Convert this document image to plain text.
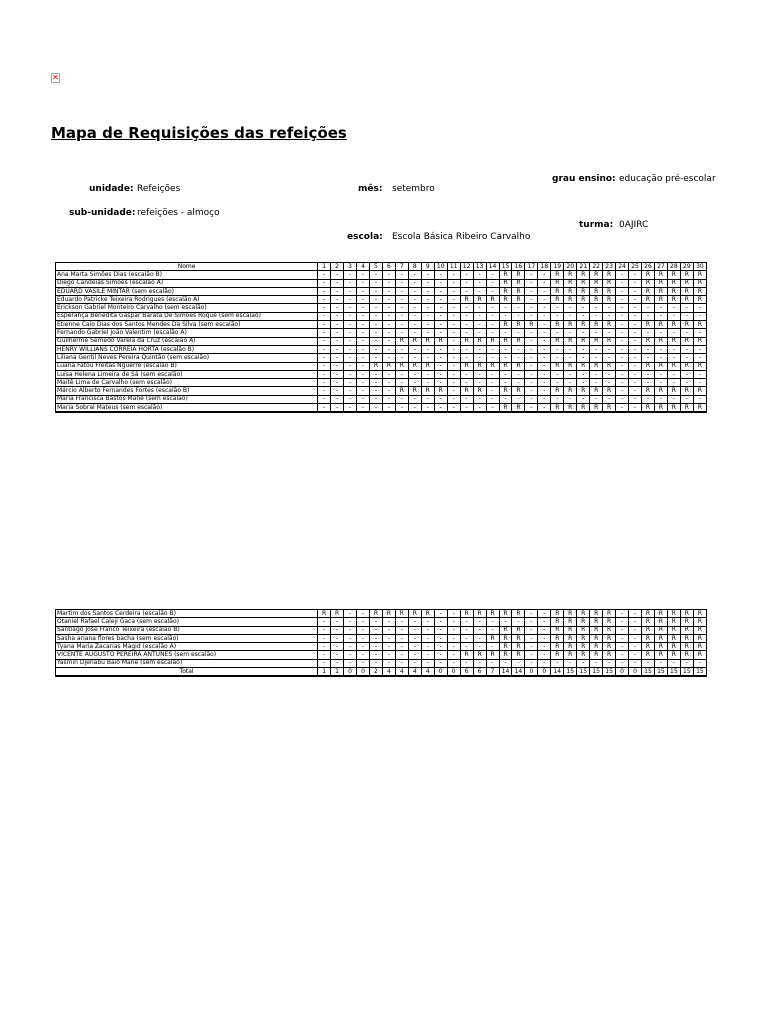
✕
Mapa de Requisições das refeições
unidade: Refeições	mês: setembro
grau ensino: educação pré-escolar
sub-unidade: refeições - almoço
turma: 0AJIRC
escola: Escola Básica Ribeiro Carvalho
Nome	1	2	3	4	5	6	7	8	9	10	11	12	13	14	15	16	17	18	19	20	21	22	23	24	25	26	27	28	29	30
Ana Marta Simões Dias (escalão B)	-	-	-	-	-	-	-	-	-	-	-	-	-	-	R	R	-	-	R	R	R	R	R	-	-	R	R	R	R	R
Diego Candeias Simões (escalão A)	-	-	-	-	-	-	-	-	-	-	-	-	-	-	R	R	-	-	R	R	R	R	R	-	-	R	R	R	R	R
EDUARD VASILE MINTAR (sem escalão)	-	-	-	-	-	-	-	-	-	-	-	-	-	-	R	R	-	-	R	R	R	R	R	-	-	R	R	R	R	R
Eduardo Patricke Teixeira Rodrigues (escalão A)	-	-	-	-	-	-	-	-	-	-	-	R	R	R	R	R	-	-	R	R	R	R	R	-	-	R	R	R	R	R
Erickson Gabriel Monteiro Carvalho (sem escalão)	-	-	-	-	-	-	-	-	-	-	-	-	-	-	-	-	-	-	-	-	-	-	-	-	-	-	-	-	-	-
Esperança Benedita Gaspar Barata De Simoes Roque (sem escalão)	-	-	-	-	-	-	-	-	-	-	-	-	-	-	-	-	-	-	-	-	-	-	-	-	-	-	-	-	-	-
Étienne Caio Dias dos Santos Mendes Da Silva (sem escalão)	-	-	-	-	-	-	-	-	-	-	-	-	-	-	R	R	R	-	R	R	R	R	R	-	-	R	R	R	R	R
Fernando Gabriel João Valentim (escalão A)	-	-	-	-	-	-	-	-	-	-	-	-	-	-	-	-	-	-	-	-	-	-	-	-	-	-	-	-	-	-
Guilherme Semedo Varela da Cruz (escalão A)	-	-	-	-	-	-	R	R	R	R	-	R	R	R	R	R	-	-	R	R	R	R	R	-	-	R	R	R	R	R
HENRY WILLIANS CORREIA HORTA (escalão B)	-	-	-	-	-	-	-	-	-	-	-	-	-	-	-	-	-	-	-	-	-	-	-	-	-	-	-	-	-	-
Liliana Gentil Neves Pereira Quintão (sem escalão)	-	-	-	-	-	-	-	-	-	-	-	-	-	-	-	-	-	-	-	-	-	-	-	-	-	-	-	-	-	-
Luana Fatou Freitas Nguerre (escalão B)	-	-	-	-	R	R	R	R	R	-	-	R	R	R	R	R	-	-	R	R	R	R	R	-	-	R	R	R	R	R
Luísa Helena Limeira de Sá (sem escalão)	-	-	-	-	-	-	-	-	-	-	-	-	-	-	-	-	-	-	-	-	-	-	-	-	-	-	-	-	-	-
Maitê Lima de Carvalho (sem escalão)	-	-	-	-	-	-	-	-	-	-	-	-	-	-	-	-	-	-	-	-	-	-	-	-	-	-	-	-	-	-
Márcio Alberto Fernandes Fortes (escalão B)	-	-	-	-	-	-	R	R	R	R	-	R	R	-	R	R	-	-	R	R	R	R	R	-	-	R	R	R	R	R
Maria Francisca Bastos Mané (sem escalão)	-	-	-	-	-	-	-	-	-	-	-	-	-	-	-	-	-	-	-	-	-	-	-	-	-	-	-	-	-	-
Maria Sobral Mateus (sem escalão)	-	-	-	-	-	-	-	-	-	-	-	-	-	-	R	R	-	-	R	R	R	R	R	-	-	R	R	R	R	R
Martim dos Santos Cerdeira (escalão B)	R	R	-	-	R	R	R	R	R	-	-	R	R	R	R	R	-	-	R	R	R	R	R	-	-	R	R	R	R	R
Otaniel Rafael Caleji Gaca (sem escalão)	-	-	-	-	-	-	-	-	-	-	-	-	-	-	-	-	-	-	R	R	R	R	R	-	-	R	R	R	R	R
Santiago José Franco Teixeira (escalão B)	-	-	-	-	-	-	-	-	-	-	-	-	-	-	R	R	-	-	R	R	R	R	R	-	-	R	R	R	R	R
Sasha ariana flores bacha (sem escalão)	-	-	-	-	-	-	-	-	-	-	-	-	-	R	R	R	-	-	R	R	R	R	R	-	-	R	R	R	R	R
Tyana Maria Zacarias Magid (escalão A)	-	-	-	-	-	-	-	-	-	-	-	-	-	-	R	R	-	-	R	R	R	R	R	-	-	R	R	R	R	R
VICENTE AUGUSTO PEREIRA ANTUNES (sem escalão)	-	-	-	-	-	-	-	-	-	-	-	R	R	R	R	R	-	-	R	R	R	R	R	-	-	R	R	R	R	R
Yasmin Djenabu Baio Mane (sem escalão)	-	-	-	-	-	-	-	-	-	-	-	-	-	-	-	-	-	-	-	-	-	-	-	-	-	-	-	-	-	-
Total	1	1	0	0	2	4	4	4	4	0	0	6	6	7	14	14	0	0	14	15	15	15	15	0	0	15	15	15	15	15
